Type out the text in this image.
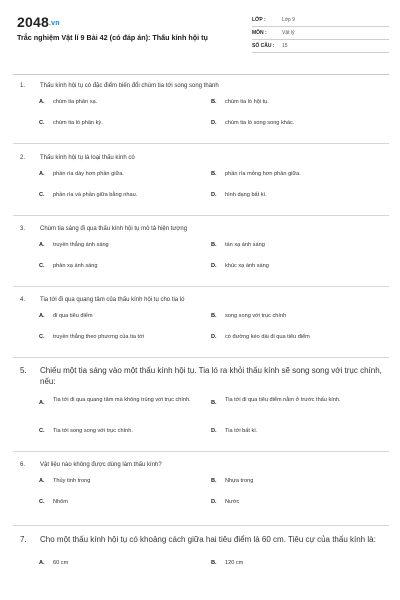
2048.vn
Trắc nghiệm Vật lí 9 Bài 42 (có đáp án): Thấu kính hội tụ
LỚP :	Lớp 9
MÔN :	Vật lý
SỐ CÂU :	15
1.	Thấu kính hội tụ có đặc điểm biến đổi chùm tia tới song song thành
A.	chùm tia phản xạ.	B.	chùm tia ló hội tụ.
C.	chùm tia ló phân kỳ.	D.	chùm tia ló song song khác.
2.	Thấu kính hội tụ là loại thấu kính có
A.	phần rìa dày hơn phần giữa.	B.	phần rìa mỏng hơn phần giữa.
C.	phần rìa và phần giữa bằng nhau.	D.	hình dạng bất kì.
3.	Chùm tia sáng đi qua thấu kính hội tụ mô tả hiện tượng
A.	truyền thẳng ánh sáng	B.	tán xạ ánh sáng
C.	phản xạ ánh sáng	D.	khúc xạ ánh sáng
4.	Tia tới đi qua quang tâm của thấu kính hội tụ cho tia ló
A.	đi qua tiêu điểm	B.	song song với trục chính
C.	truyền thẳng theo phương của tia tới	D.	có đường kéo dài đi qua tiêu điểm
5.	Chiếu một tia sáng vào một thấu kính hội tụ. Tia ló ra khỏi thấu kính sẽ song song với trục chính, nếu:
A.	Tia tới đi qua quang tâm mà không trùng với trục chính.	B.	Tia tới đi qua tiêu điểm nằm ở trước thấu kính.
C.	Tia tới song song với trục chính.	D.	Tia tới bất kì.
6.	Vật liệu nào không được dùng làm thấu kính?
A.	Thủy tinh trong	B.	Nhựa trong
C.	Nhôm	D.	Nước
7.	Cho một thấu kính hội tụ có khoảng cách giữa hai tiêu điểm là 60 cm. Tiêu cự của thấu kính là:
A.	60 cm	B.	120 cm
